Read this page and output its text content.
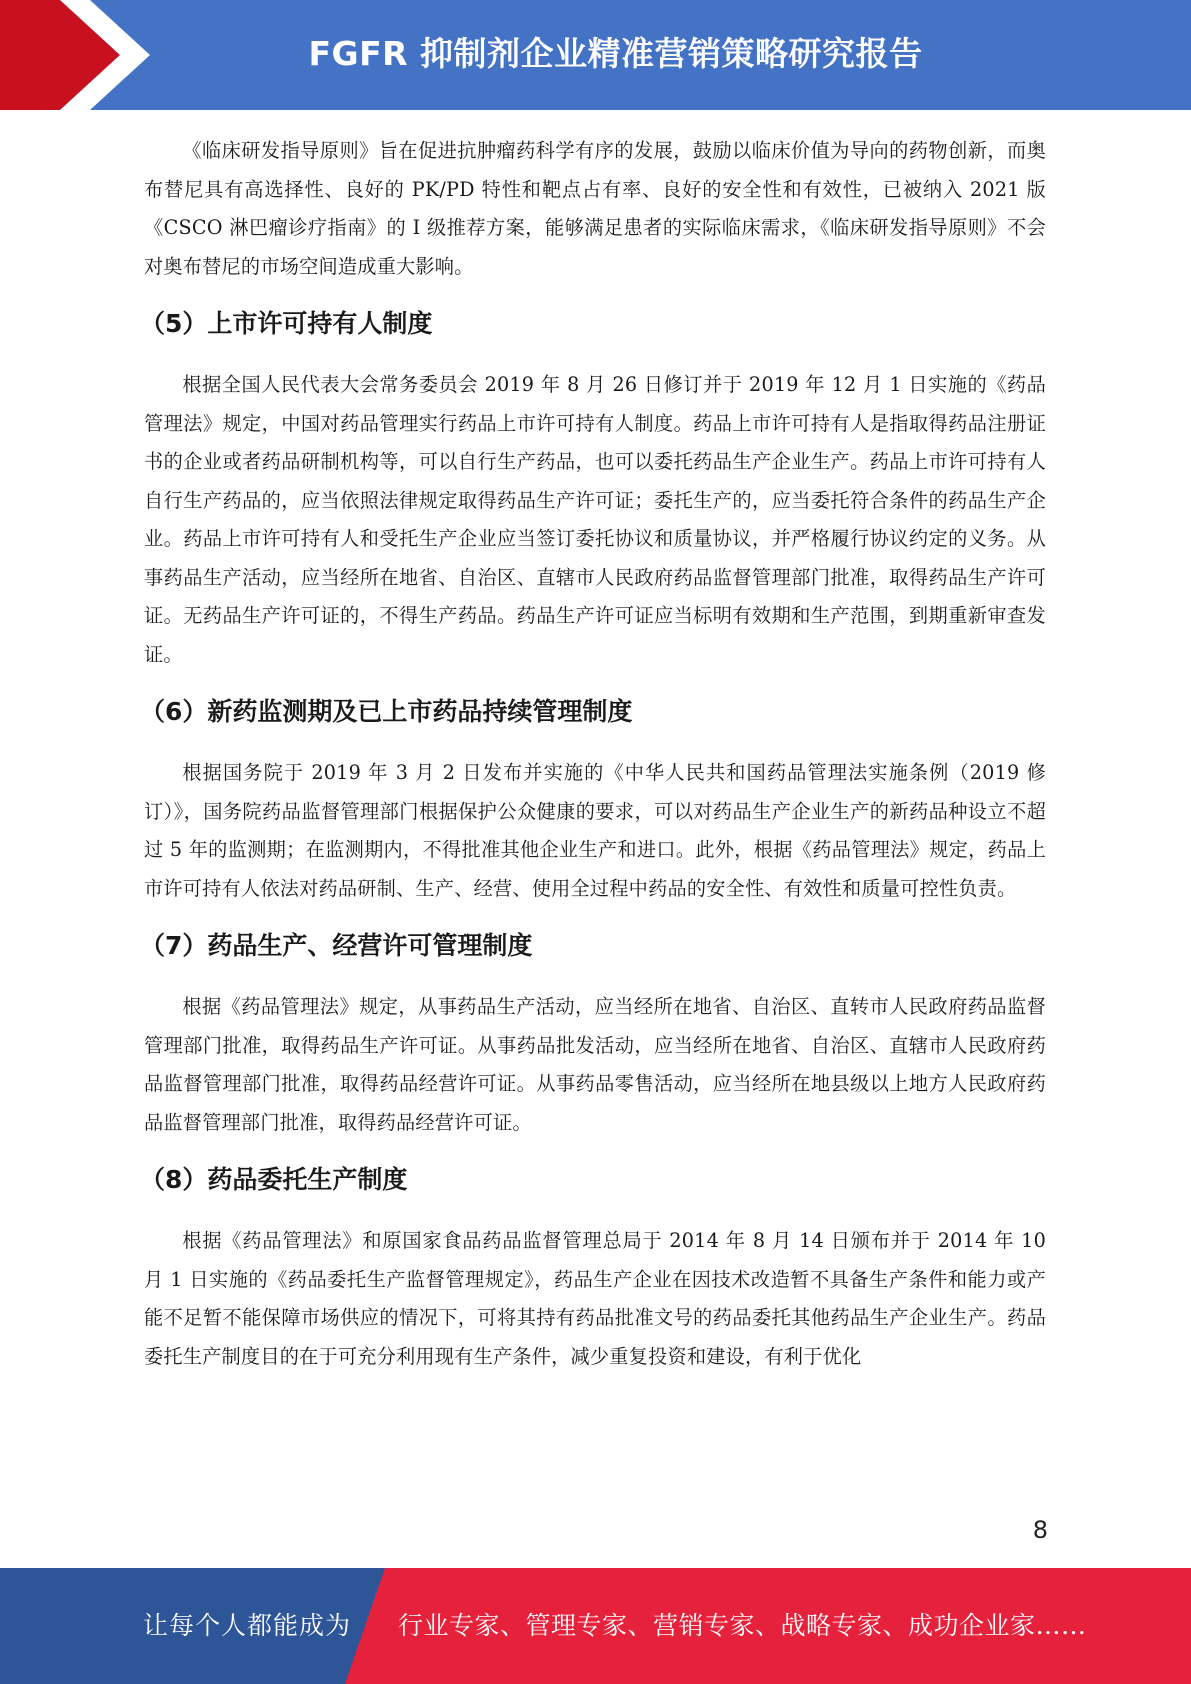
FGFR 抑制剂企业精准营销策略研究报告

《临床研发指导原则》旨在促进抗肿瘤药科学有序的发展，鼓励以临床价值为导向的药物创新，而奥布替尼具有高选择性、良好的 PK/PD 特性和靶点占有率、良好的安全性和有效性，已被纳入 2021 版《CSCO 淋巴瘤诊疗指南》的 I 级推荐方案，能够满足患者的实际临床需求，《临床研发指导原则》不会对奥布替尼的市场空间造成重大影响。

（5）上市许可持有人制度

根据全国人民代表大会常务委员会 2019 年 8 月 26 日修订并于 2019 年 12 月 1 日实施的《药品管理法》规定，中国对药品管理实行药品上市许可持有人制度。药品上市许可持有人是指取得药品注册证书的企业或者药品研制机构等，可以自行生产药品，也可以委托药品生产企业生产。药品上市许可持有人自行生产药品的，应当依照法律规定取得药品生产许可证；委托生产的，应当委托符合条件的药品生产企业。药品上市许可持有人和受托生产企业应当签订委托协议和质量协议，并严格履行协议约定的义务。从事药品生产活动，应当经所在地省、自治区、直辖市人民政府药品监督管理部门批准，取得药品生产许可证。无药品生产许可证的，不得生产药品。药品生产许可证应当标明有效期和生产范围，到期重新审查发证。

（6）新药监测期及已上市药品持续管理制度

根据国务院于 2019 年 3 月 2 日发布并实施的《中华人民共和国药品管理法实施条例（2019 修订）》，国务院药品监督管理部门根据保护公众健康的要求，可以对药品生产企业生产的新药品种设立不超过 5 年的监测期；在监测期内，不得批准其他企业生产和进口。此外，根据《药品管理法》规定，药品上市许可持有人依法对药品研制、生产、经营、使用全过程中药品的安全性、有效性和质量可控性负责。

（7）药品生产、经营许可管理制度

根据《药品管理法》规定，从事药品生产活动，应当经所在地省、自治区、直转市人民政府药品监督管理部门批准，取得药品生产许可证。从事药品批发活动，应当经所在地省、自治区、直辖市人民政府药品监督管理部门批准，取得药品经营许可证。从事药品零售活动，应当经所在地县级以上地方人民政府药品监督管理部门批准，取得药品经营许可证。

（8）药品委托生产制度

根据《药品管理法》和原国家食品药品监督管理总局于 2014 年 8 月 14 日颁布并于 2014 年 10 月 1 日实施的《药品委托生产监督管理规定》，药品生产企业在因技术改造暂不具备生产条件和能力或产能不足暂不能保障市场供应的情况下，可将其持有药品批准文号的药品委托其他药品生产企业生产。药品委托生产制度目的在于可充分利用现有生产条件，减少重复投资和建设，有利于优化

8
让每个人都能成为 行业专家、管理专家、营销专家、战略专家、成功企业家……
